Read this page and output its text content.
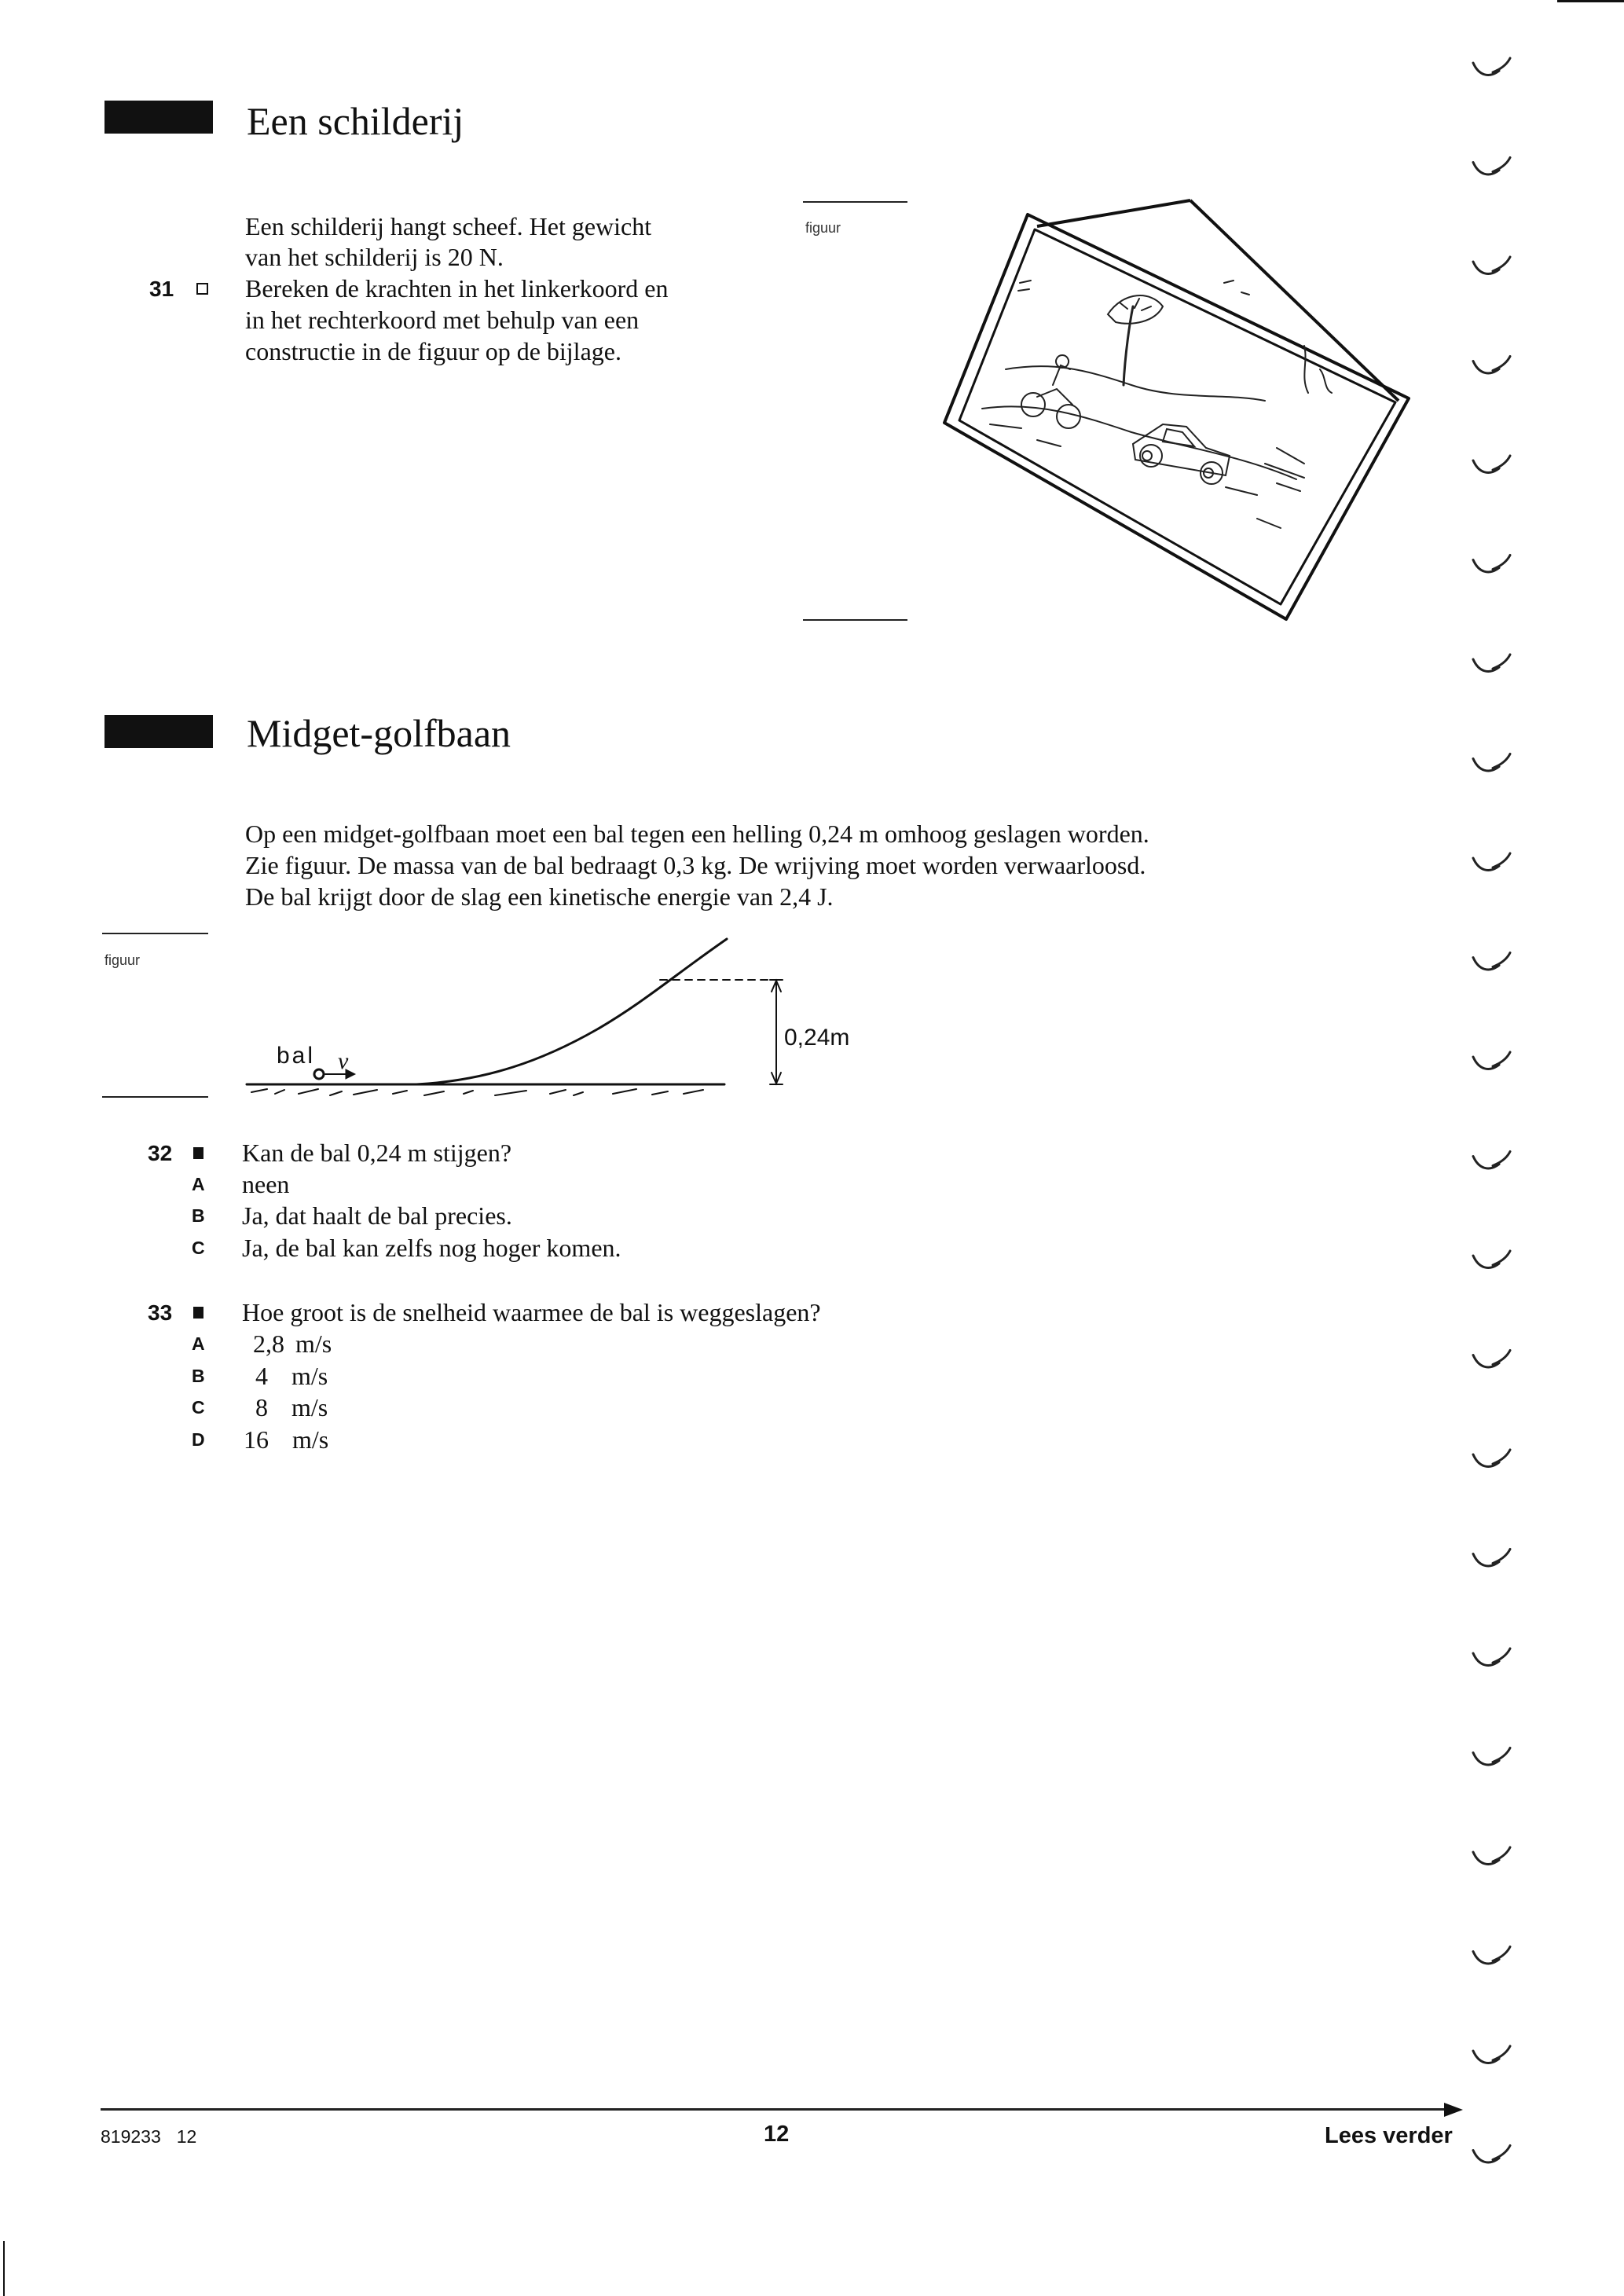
Een schilderij
Een schilderij hangt scheef. Het gewicht
van het schilderij is 20 N.
31	Bereken de krachten in het linkerkoord en
in het rechterkoord met behulp van een
constructie in de figuur op de bijlage.
figuur
Midget-golfbaan
Op een midget-golfbaan moet een bal tegen een helling 0,24 m omhoog geslagen worden.
Zie figuur. De massa van de bal bedraagt 0,3 kg. De wrijving moet worden verwaarloosd.
De bal krijgt door de slag een kinetische energie van 2,4 J.
figuur
bal v
0,24m
32	Kan de bal 0,24 m stijgen?
A neen
B Ja, dat haalt de bal precies.
C Ja, de bal kan zelfs nog hoger komen.
33	Hoe groot is de snelheid waarmee de bal is weggeslagen?
A 2,8 m/s
B 4 m/s
C 8 m/s
D 16 m/s
819233 12	12	Lees verder
